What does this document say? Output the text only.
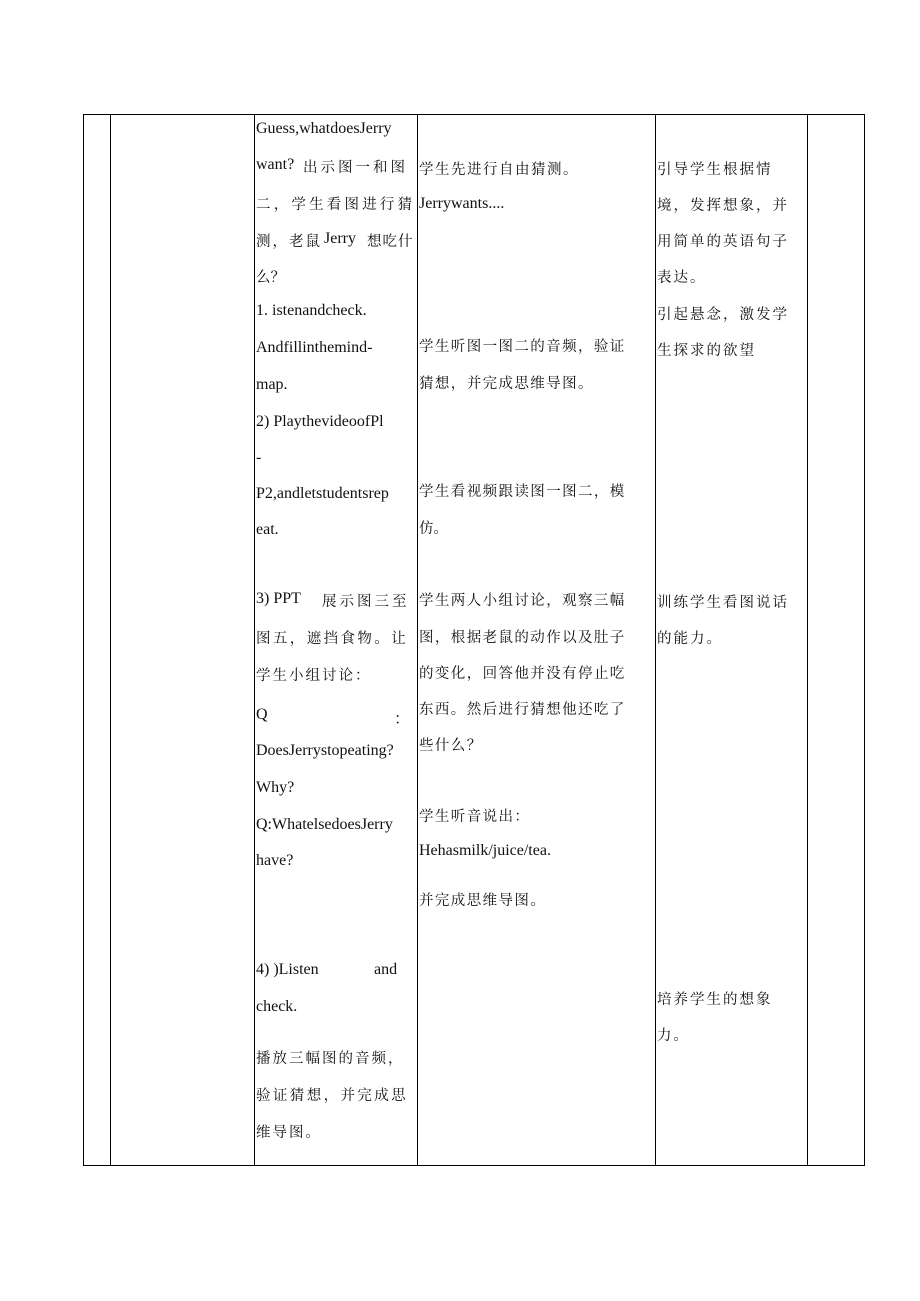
Guess,whatdoesJerry
want? 出示图一和图
二，学生看图进行猜
测，老鼠 Jerry 想吃什
么？
1. istenandcheck.
Andfillinthemind-
map.
2) PlaythevideoofPl
-
P2,andletstudentsrep
eat.
3) PPT 展示图三至
图五，遮挡食物。让
学生小组讨论：
Q	：
DoesJerrystopeating?
Why?
Q:WhatelsedoesJerry
have?
4) )Listen	and
check.
播放三幅图的音频，
验证猜想，并完成思
维导图。
学生先进行自由猜测。
Jerrywants....
学生听图一图二的音频，验证
猜想，并完成思维导图。
学生看视频跟读图一图二，模
仿。
学生两人小组讨论，观察三幅
图，根据老鼠的动作以及肚子
的变化，回答他并没有停止吃
东西。然后进行猜想他还吃了
些什么？
学生听音说出：
Hehasmilk/juice/tea.
并完成思维导图。
引导学生根据情
境，发挥想象，并
用简单的英语句子
表达。
引起悬念，激发学
生探求的欲望
训练学生看图说话
的能力。
培养学生的想象
力。
